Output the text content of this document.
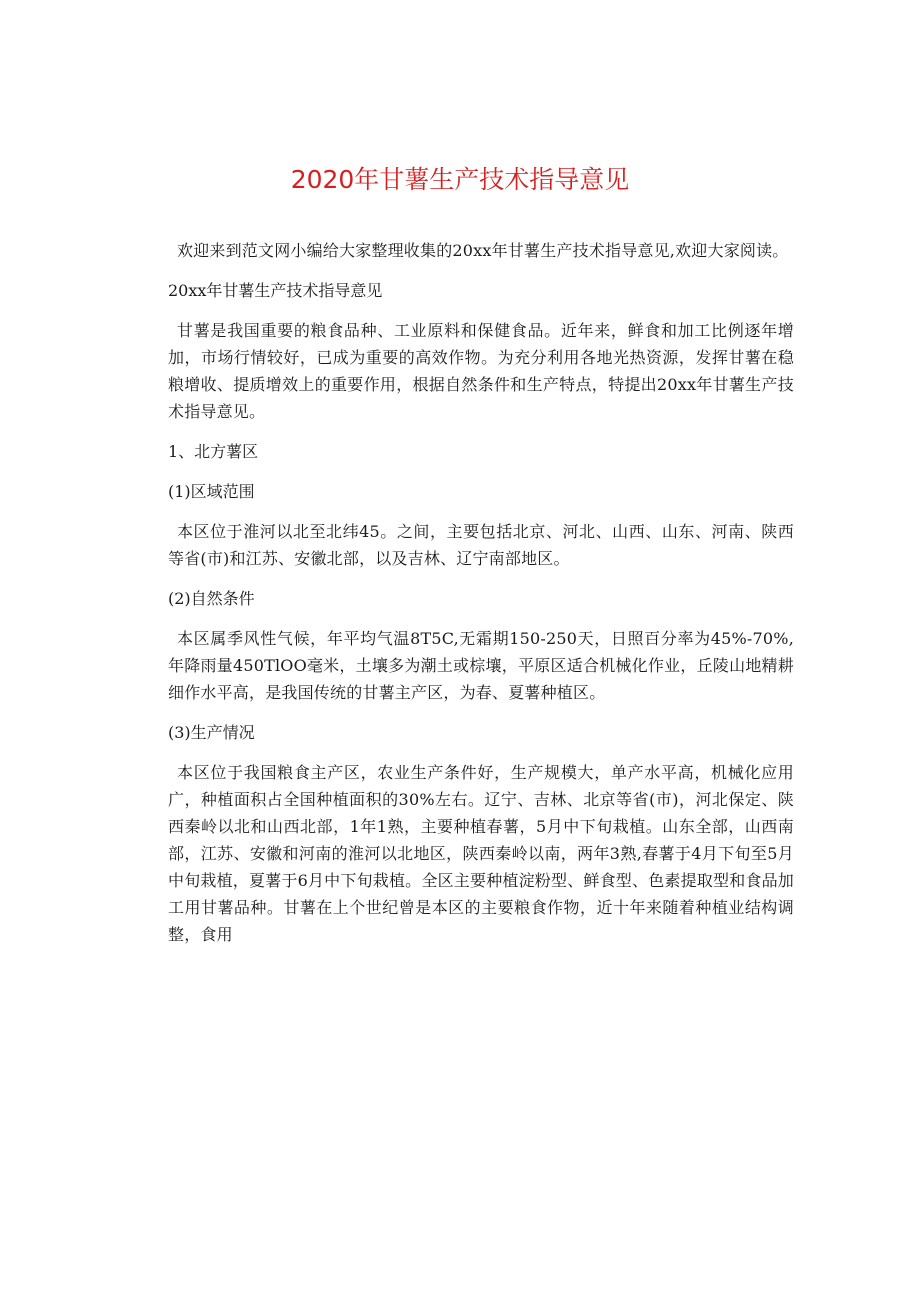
2020年甘薯生产技术指导意见

欢迎来到范文网小编给大家整理收集的20xx年甘薯生产技术指导意见,欢迎大家阅读。

20xx年甘薯生产技术指导意见

甘薯是我国重要的粮食品种、工业原料和保健食品。近年来，鲜食和加工比例逐年增加，市场行情较好，已成为重要的高效作物。为充分利用各地光热资源，发挥甘薯在稳粮增收、提质增效上的重要作用，根据自然条件和生产特点，特提出20xx年甘薯生产技术指导意见。

1、北方薯区

(1)区域范围

本区位于淮河以北至北纬45。之间，主要包括北京、河北、山西、山东、河南、陕西等省(市)和江苏、安徽北部，以及吉林、辽宁南部地区。

(2)自然条件

本区属季风性气候，年平均气温8T5C,无霜期150-250天，日照百分率为45%-70%,年降雨量450TlOO毫米，土壤多为潮土或棕壤，平原区适合机械化作业，丘陵山地精耕细作水平高，是我国传统的甘薯主产区，为春、夏薯种植区。

(3)生产情况

本区位于我国粮食主产区，农业生产条件好，生产规模大，单产水平高，机械化应用广，种植面积占全国种植面积的30%左右。辽宁、吉林、北京等省(市)，河北保定、陕西秦岭以北和山西北部，1年1熟，主要种植春薯，5月中下旬栽植。山东全部，山西南部，江苏、安徽和河南的淮河以北地区，陕西秦岭以南，两年3熟,春薯于4月下旬至5月中旬栽植，夏薯于6月中下旬栽植。全区主要种植淀粉型、鲜食型、色素提取型和食品加工用甘薯品种。甘薯在上个世纪曾是本区的主要粮食作物，近十年来随着种植业结构调整，食用
